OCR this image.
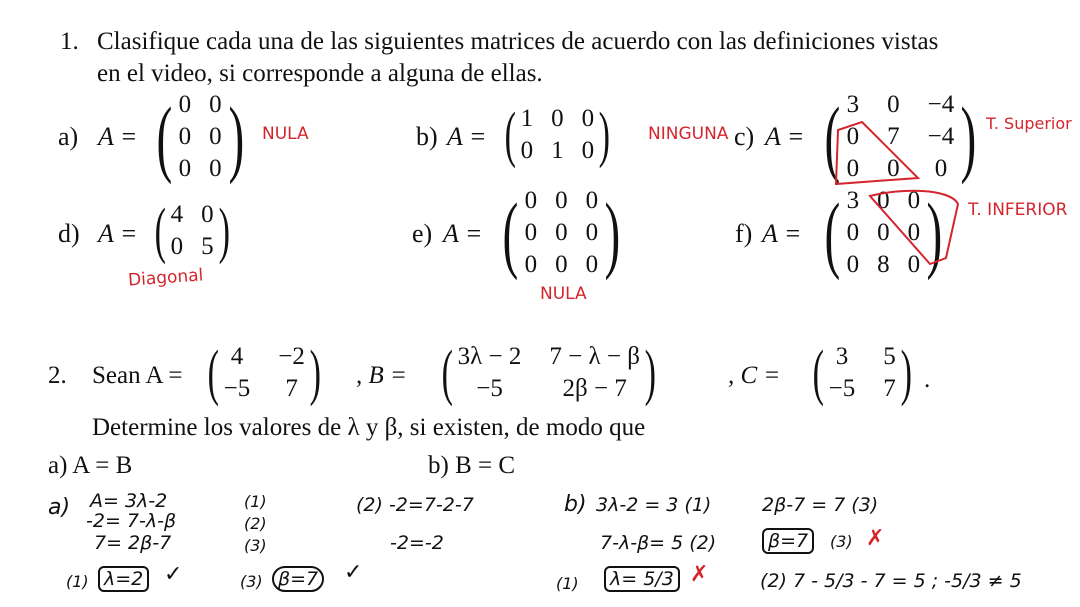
1. Clasifique cada una de las siguientes matrices de acuerdo con las definiciones vistas
en el video, si corresponde a alguna de ellas.
a) A = ( 0 0
0 0
0 0 ) NULA	b) A = ( 1 0 0
0 1 0 ) NINGUNA c) A = ( 3 0 −4
0 7 −4
0 0 0 ) T. Superior
d) A = ( 4 0
0 5 )
Diagonal
e) A = ( 0 0 0
0 0 0
0 0 0 )
NULA
f) A = ( 3 0 0
0 0 0
0 8 0 ) T. INFERIOR
2. Sean A = ( 4 −2
−5 7 ) , B = ( 3λ − 2 7 − λ − β
−5	2β − 7 )	, C = ( 3 5
−5 7 ) .
Determine los valores de λ y β, si existen, de modo que
a) A = B	b) B = C
a) A= 3λ-2
-2= 7-λ-β
7= 2β-7
(1)
(2)
(3)
(2) -2=7-2-7
-2=-2
(1) λ=2 ✓	(3) β=7 ✓
b) 3λ-2 = 3 (1)
7-λ-β= 5 (2)
2β-7 = 7 (3)
β=7	(3) ✗
(1)	λ= 5/3 ✗	(2) 7 - 5/3 - 7 = 5 ; -5/3 ≠ 5
